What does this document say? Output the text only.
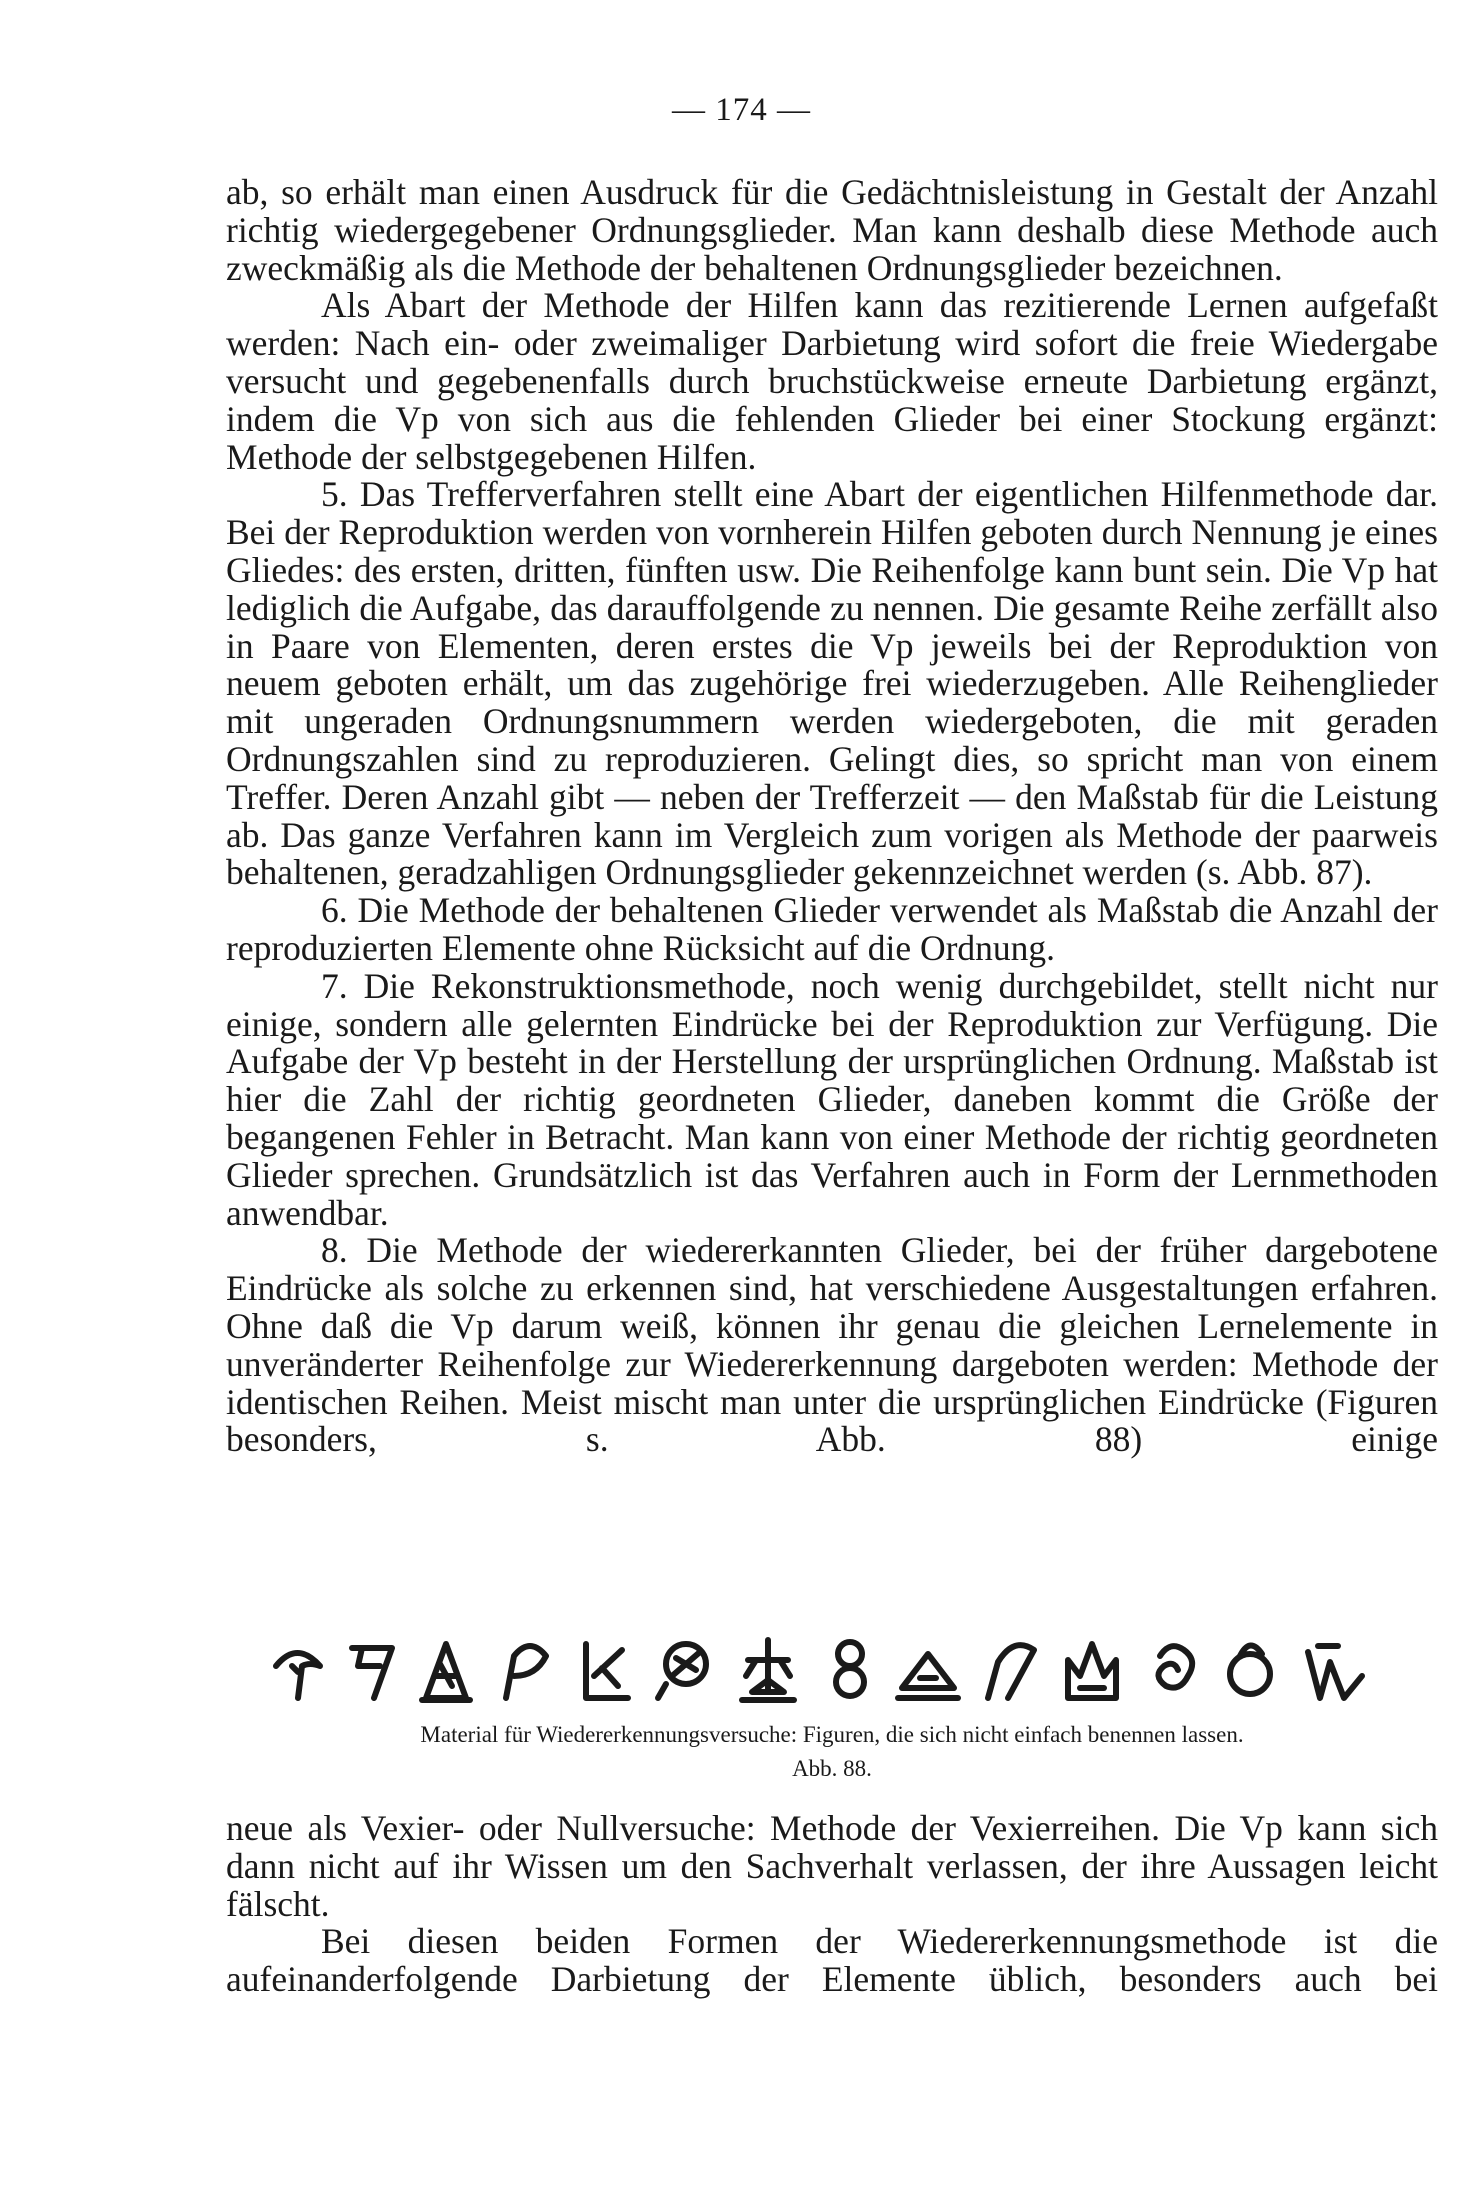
— 174 —

ab, so erhält man einen Ausdruck für die Gedächtnisleistung in Gestalt der Anzahl richtig wiedergegebener Ordnungsglieder. Man kann deshalb diese Methode auch zweckmäßig als die Methode der behaltenen Ordnungsglieder bezeichnen.

Als Abart der Methode der Hilfen kann das rezitierende Lernen aufgefaßt werden: Nach ein- oder zweimaliger Darbietung wird sofort die freie Wiedergabe versucht und gegebenenfalls durch bruchstückweise erneute Darbietung ergänzt, indem die Vp von sich aus die fehlenden Glieder bei einer Stockung ergänzt: Methode der selbstgegebenen Hilfen.

5. Das Trefferverfahren stellt eine Abart der eigentlichen Hilfenmethode dar. Bei der Reproduktion werden von vornherein Hilfen geboten durch Nennung je eines Gliedes: des ersten, dritten, fünften usw. Die Reihenfolge kann bunt sein. Die Vp hat lediglich die Aufgabe, das darauffolgende zu nennen. Die gesamte Reihe zerfällt also in Paare von Elementen, deren erstes die Vp jeweils bei der Reproduktion von neuem geboten erhält, um das zugehörige frei wiederzugeben. Alle Reihenglieder mit ungeraden Ordnungsnummern werden wiedergeboten, die mit geraden Ordnungszahlen sind zu reproduzieren. Gelingt dies, so spricht man von einem Treffer. Deren Anzahl gibt — neben der Trefferzeit — den Maßstab für die Leistung ab. Das ganze Verfahren kann im Vergleich zum vorigen als Methode der paarweis behaltenen, geradzahligen Ordnungsglieder gekennzeichnet werden (s. Abb. 87).

6. Die Methode der behaltenen Glieder verwendet als Maßstab die Anzahl der reproduzierten Elemente ohne Rücksicht auf die Ordnung.

7. Die Rekonstruktionsmethode, noch wenig durchgebildet, stellt nicht nur einige, sondern alle gelernten Eindrücke bei der Reproduktion zur Verfügung. Die Aufgabe der Vp besteht in der Herstellung der ursprünglichen Ordnung. Maßstab ist hier die Zahl der richtig geordneten Glieder, daneben kommt die Größe der begangenen Fehler in Betracht. Man kann von einer Methode der richtig geordneten Glieder sprechen. Grundsätzlich ist das Verfahren auch in Form der Lernmethoden anwendbar.

8. Die Methode der wiedererkannten Glieder, bei der früher dargebotene Eindrücke als solche zu erkennen sind, hat verschiedene Ausgestaltungen erfahren. Ohne daß die Vp darum weiß, können ihr genau die gleichen Lernelemente in unveränderter Reihenfolge zur Wiedererkennung dargeboten werden: Methode der identischen Reihen. Meist mischt man unter die ursprünglichen Eindrücke (Figuren besonders, s. Abb. 88) einige

Material für Wiedererkennungsversuche: Figuren, die sich nicht einfach benennen lassen.
Abb. 88.

neue als Vexier- oder Nullversuche: Methode der Vexierreihen. Die Vp kann sich dann nicht auf ihr Wissen um den Sachverhalt verlassen, der ihre Aussagen leicht fälscht.

Bei diesen beiden Formen der Wiedererkennungsmethode ist die aufeinanderfolgende Darbietung der Elemente üblich, besonders auch bei
